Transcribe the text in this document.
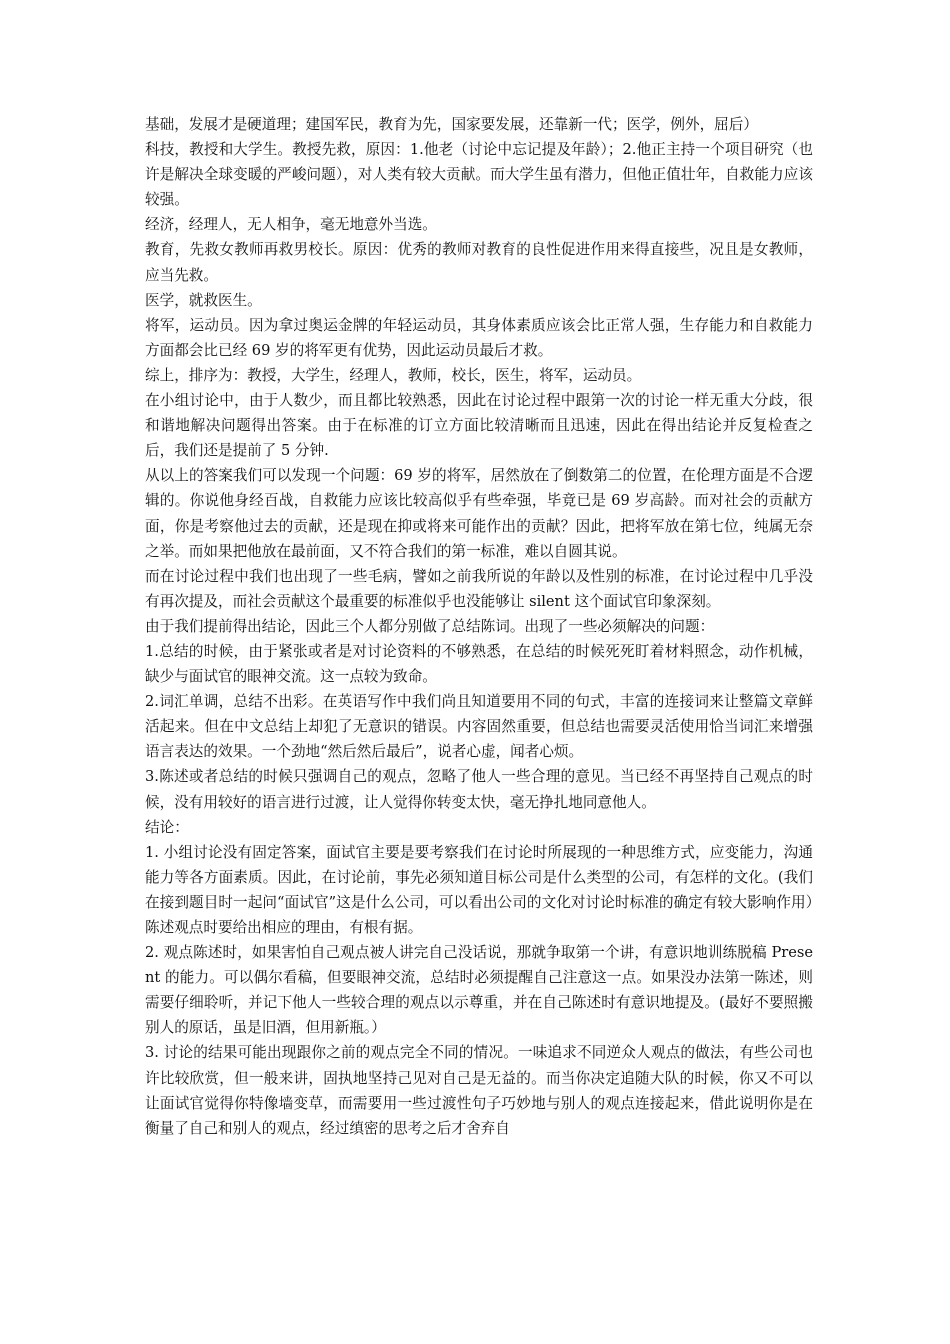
基础，发展才是硬道理；建国军民，教育为先，国家要发展，还靠新一代；医学，例外，屈后）

科技，教授和大学生。教授先救，原因：1.他老（讨论中忘记提及年龄）；2.他正主持一个项目研究（也许是解决全球变暖的严峻问题），对人类有较大贡献。而大学生虽有潜力，但他正值壮年，自救能力应该较强。

经济，经理人，无人相争，毫无地意外当选。

教育，先救女教师再救男校长。原因：优秀的教师对教育的良性促进作用来得直接些，况且是女教师，应当先救。

医学，就救医生。

将军，运动员。因为拿过奥运金牌的年轻运动员，其身体素质应该会比正常人强，生存能力和自救能力方面都会比已经 69 岁的将军更有优势，因此运动员最后才救。

综上，排序为：教授，大学生，经理人，教师，校长，医生，将军，运动员。

在小组讨论中，由于人数少，而且都比较熟悉，因此在讨论过程中跟第一次的讨论一样无重大分歧，很和谐地解决问题得出答案。由于在标准的订立方面比较清晰而且迅速，因此在得出结论并反复检查之后，我们还是提前了 5 分钟.

从以上的答案我们可以发现一个问题：69 岁的将军，居然放在了倒数第二的位置，在伦理方面是不合逻辑的。你说他身经百战，自救能力应该比较高似乎有些牵强，毕竟已是 69 岁高龄。而对社会的贡献方面，你是考察他过去的贡献，还是现在抑或将来可能作出的贡献？因此，把将军放在第七位，纯属无奈之举。而如果把他放在最前面，又不符合我们的第一标准，难以自圆其说。

而在讨论过程中我们也出现了一些毛病，譬如之前我所说的年龄以及性别的标准，在讨论过程中几乎没有再次提及，而社会贡献这个最重要的标准似乎也没能够让 silent 这个面试官印象深刻。

由于我们提前得出结论，因此三个人都分别做了总结陈词。出现了一些必须解决的问题：

1.总结的时候，由于紧张或者是对讨论资料的不够熟悉，在总结的时候死死盯着材料照念，动作机械，缺少与面试官的眼神交流。这一点较为致命。

2.词汇单调，总结不出彩。在英语写作中我们尚且知道要用不同的句式，丰富的连接词来让整篇文章鲜活起来。但在中文总结上却犯了无意识的错误。内容固然重要，但总结也需要灵活使用恰当词汇来增强语言表达的效果。一个劲地“然后然后最后”，说者心虚，闻者心烦。

3.陈述或者总结的时候只强调自己的观点，忽略了他人一些合理的意见。当已经不再坚持自己观点的时候，没有用较好的语言进行过渡，让人觉得你转变太快，毫无挣扎地同意他人。

结论：

1. 小组讨论没有固定答案，面试官主要是要考察我们在讨论时所展现的一种思维方式，应变能力，沟通能力等各方面素质。因此，在讨论前，事先必须知道目标公司是什么类型的公司，有怎样的文化。(我们在接到题目时一起问“面试官”这是什么公司，可以看出公司的文化对讨论时标准的确定有较大影响作用）陈述观点时要给出相应的理由，有根有据。

2. 观点陈述时，如果害怕自己观点被人讲完自己没话说，那就争取第一个讲，有意识地训练脱稿 Present 的能力。可以偶尔看稿，但要眼神交流，总结时必须提醒自己注意这一点。如果没办法第一陈述，则需要仔细聆听，并记下他人一些较合理的观点以示尊重，并在自己陈述时有意识地提及。(最好不要照搬别人的原话，虽是旧酒，但用新瓶。）

3. 讨论的结果可能出现跟你之前的观点完全不同的情况。一味追求不同逆众人观点的做法，有些公司也许比较欣赏，但一般来讲，固执地坚持己见对自己是无益的。而当你决定追随大队的时候，你又不可以让面试官觉得你特像墙变草，而需要用一些过渡性句子巧妙地与别人的观点连接起来，借此说明你是在衡量了自己和别人的观点，经过缜密的思考之后才舍弃自
